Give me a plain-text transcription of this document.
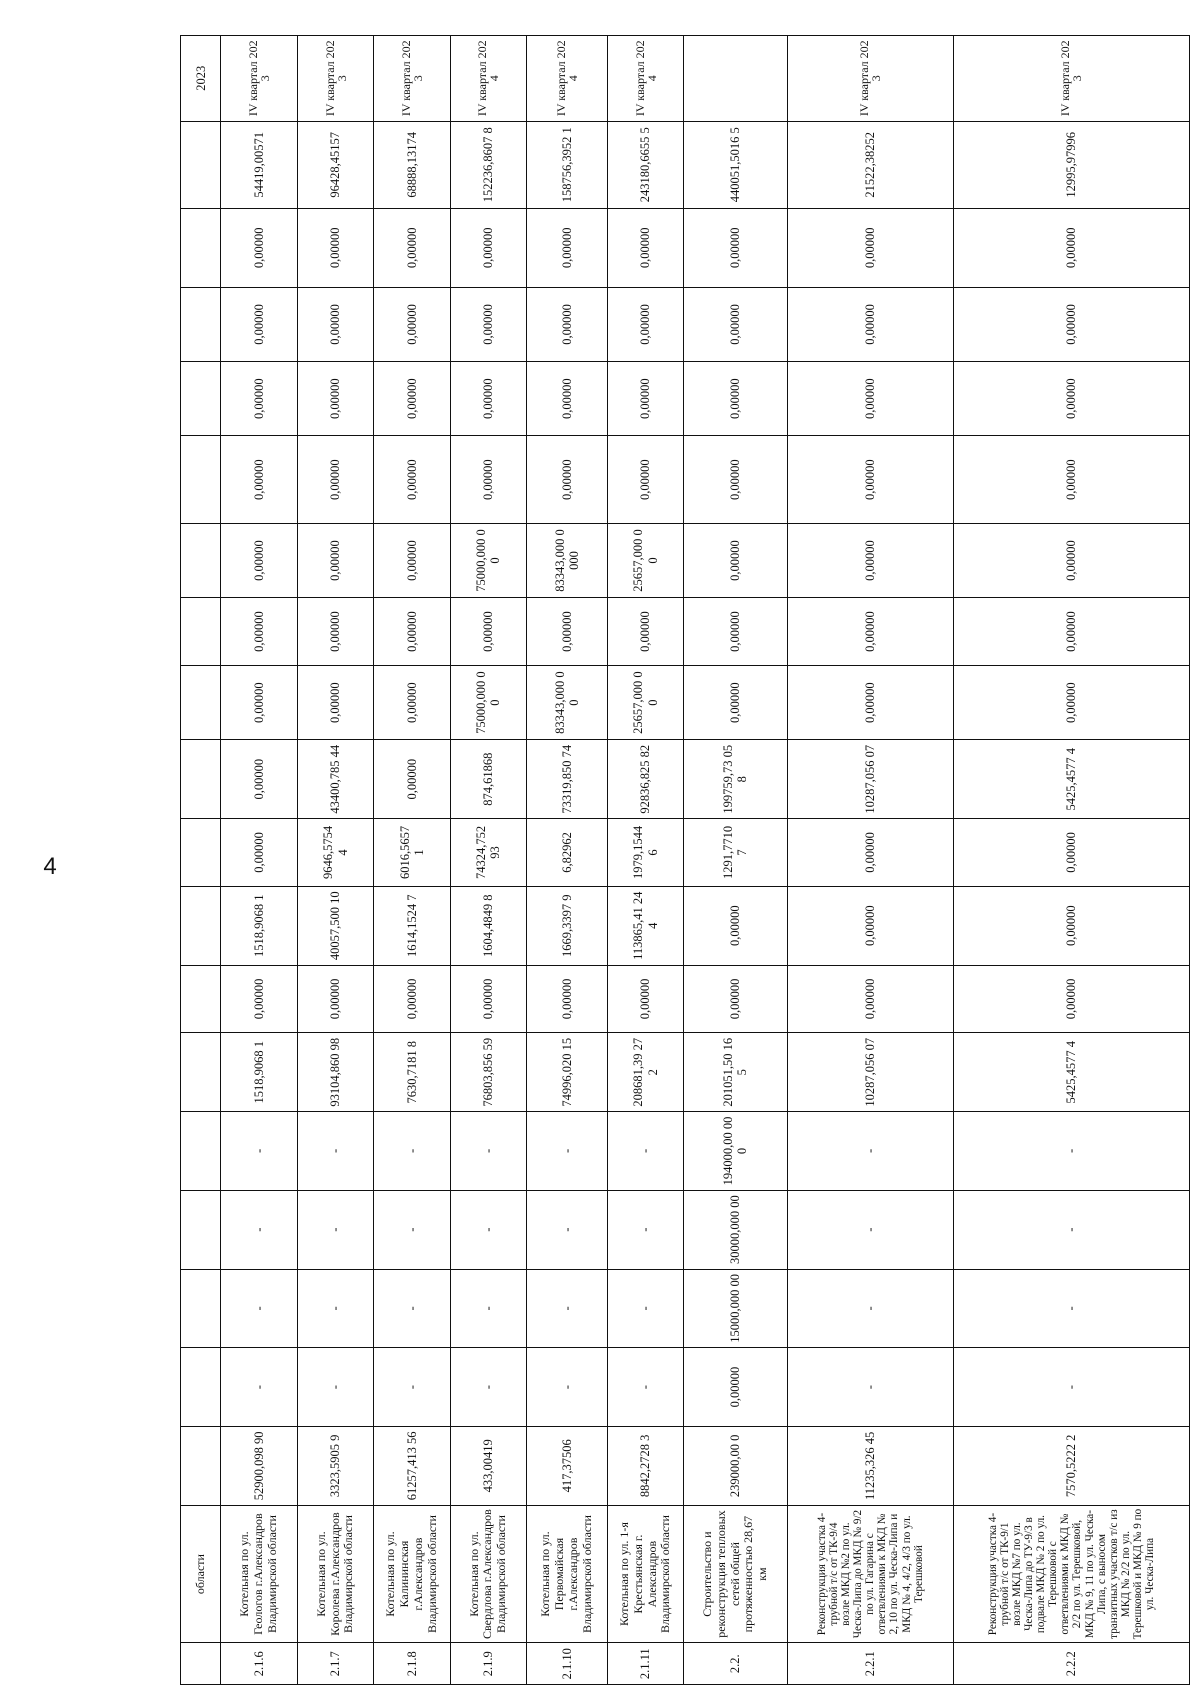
4
	области																			2023
2.1.6	Котельная по ул. Геологов г.Александров Владимирской области	52900,098 90	-	-	-	-	1518,9068 1	0,00000	1518,9068 1	0,00000	0,00000	0,00000	0,00000	0,00000	0,00000	0,00000	0,00000	0,00000	54419,00571	IV квартал 2023
2.1.7	Котельная по ул. Королева г.Александров Владимирской области	3323,5905 9	-	-	-	-	93104,860 98	0,00000	40057,500 10	9646,5754 4	43400,785 44	0,00000	0,00000	0,00000	0,00000	0,00000	0,00000	0,00000	96428,45157	IV квартал 2023
2.1.8	Котельная по ул. Калининская г.Александров Владимирской области	61257,413 56	-	-	-	-	7630,7181 8	0,00000	1614,1524 7	6016,5657 1	0,00000	0,00000	0,00000	0,00000	0,00000	0,00000	0,00000	0,00000	68888,13174	IV квартал 2023
2.1.9	Котельная по ул. Свердлова г.Александров Владимирской области	433,00419	-	-	-	-	76803,856 59	0,00000	1604,4849 8	74324,752 93	874,61868	75000,000 00	0,00000	75000,000 00	0,00000	0,00000	0,00000	0,00000	152236,8607 8	IV квартал 2024
2.1.10	Котельная по ул. Первомайская г.Александров Владимирской области	417,37506	-	-	-	-	74996,020 15	0,00000	1669,3397 9	6,82962	73319,850 74	83343,000 00	0,00000	83343,000 0000	0,00000	0,00000	0,00000	0,00000	158756,3952 1	IV квартал 2024
2.1.11	Котельная по ул. 1-я Крестьянская г. Александров Владимирской области	8842,2728 3	-	-	-	-	208681,39 272	0,00000	113865,41 244	1979,1544 6	92836,825 82	25657,000 00	0,00000	25657,000 00	0,00000	0,00000	0,00000	0,00000	243180,6655 5	IV квартал 2024
2.2.	Строительство и реконструкция тепловых сетей общей протяженностью 28,67 км	239000,00 0	0,00000	15000,000 00	30000,000 00	194000,00 000	201051,50 165	0,00000	0,00000	1291,7710 7	199759,73 058	0,00000	0,00000	0,00000	0,00000	0,00000	0,00000	0,00000	440051,5016 5	
2.2.1	Реконструкция участка 4-трубной т/с от ТК-9/4 возле МКД №2 по ул. Ческа-Липа до МКД № 9/2 по ул. Гагарина с ответвлениями к МКД № 2, 10 по ул. Ческа-Липа и МКД № 4, 4/2, 4/3 по ул. Терешковой	11235,326 45	-	-	-	-	10287,056 07	0,00000	0,00000	0,00000	10287,056 07	0,00000	0,00000	0,00000	0,00000	0,00000	0,00000	0,00000	21522,38252	IV квартал 2023
2.2.2	Реконструкция участка 4-трубной т/с от ТК-9/1 возле МКД №7 по ул. Ческа-Липа до ТУ-9/3 в подвале МКД № 2 по ул. Терешковой с ответвлениями к МКД № 2/2 по ул. Терешковой, МКД № 9, 11 по ул. Ческа-Липа, с выносом транзитных участков т/с из МКД № 2/2 по ул. Терешковой и МКД № 9 по ул. Ческа-Липа	7570,5222 2	-	-	-	-	5425,4577 4	0,00000	0,00000	0,00000	5425,4577 4	0,00000	0,00000	0,00000	0,00000	0,00000	0,00000	0,00000	12995,97996	IV квартал 2023
